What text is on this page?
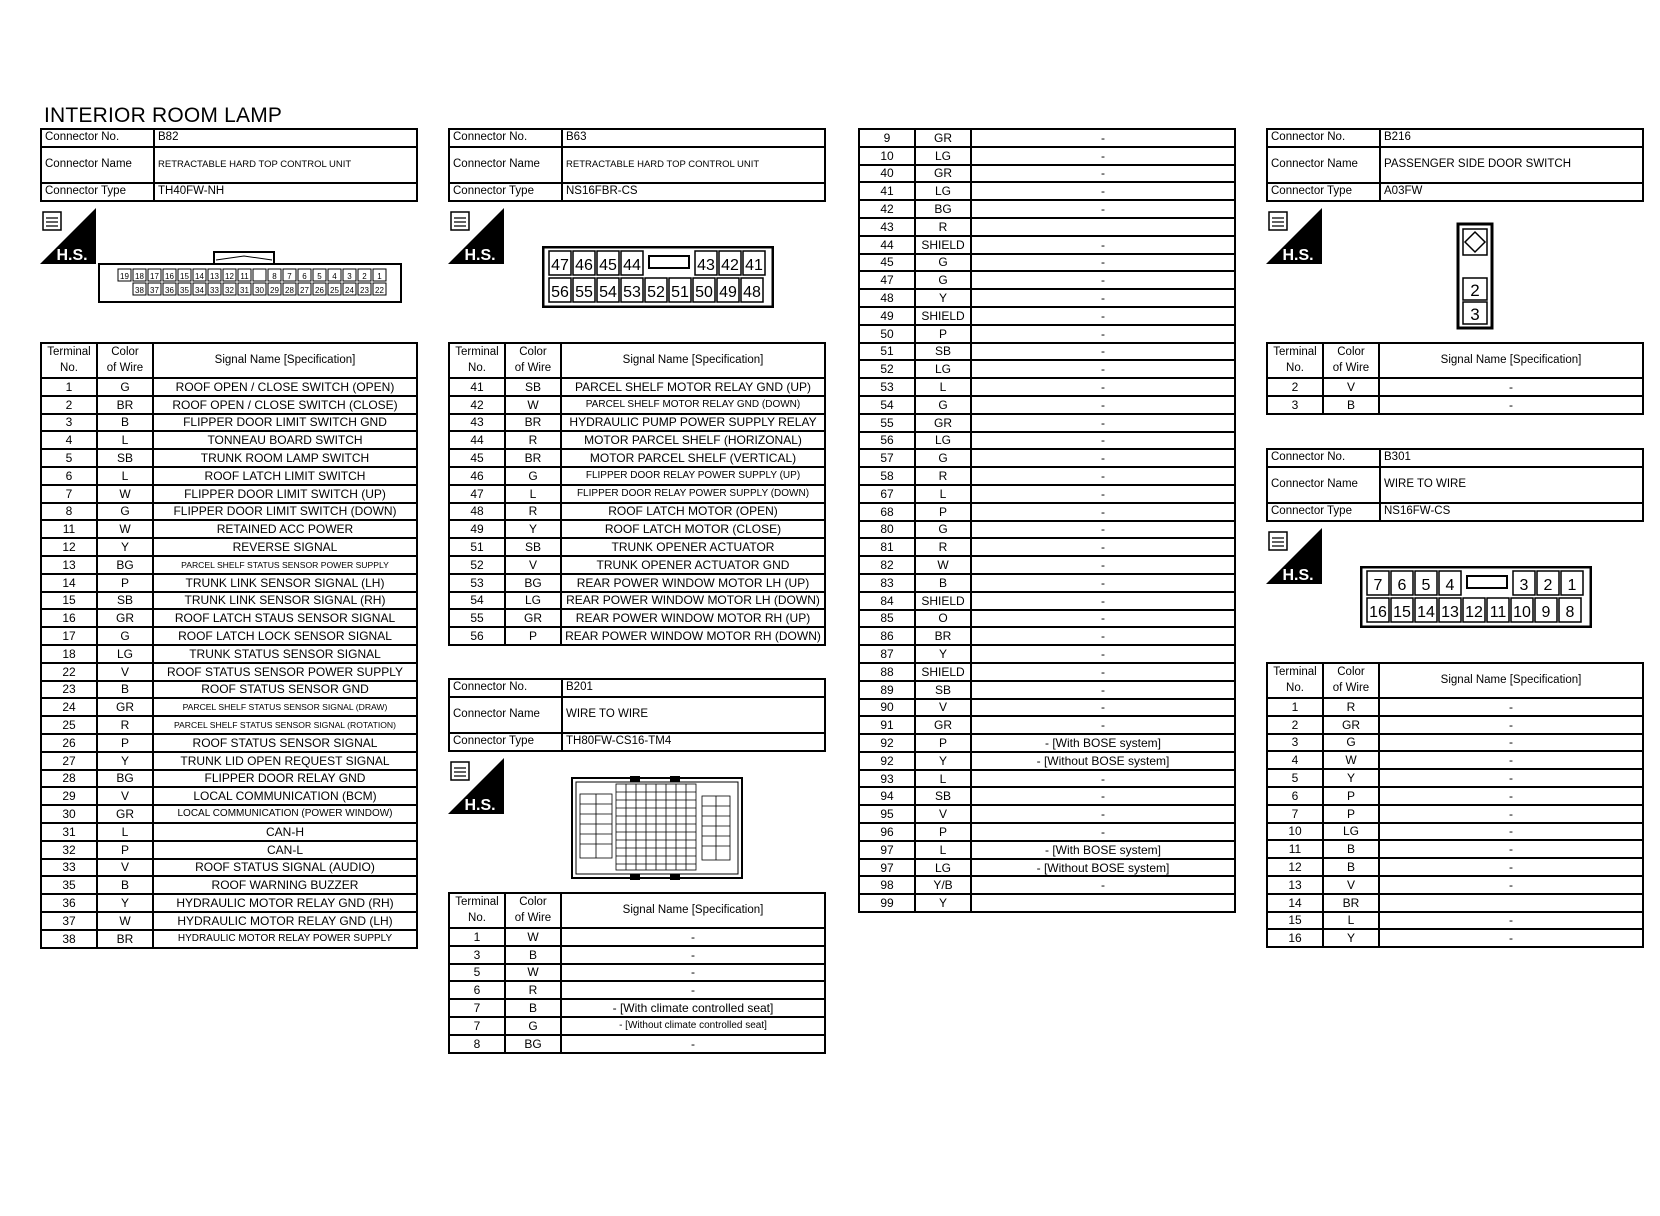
INTERIOR ROOM LAMP
Connector No.	B82
Connector Name	RETRACTABLE HARD TOP CONTROL UNIT
Connector Type	TH40FW-NH
H.S.
19 18 17 16 15 14 13 12 11	8 7 6 5 4 3 2 1
38 37 36 35 34 33 32 31 30 29 28 27 26 25 24 23 22
Terminal
No.	Color
of Wire	Signal Name [Specification]
1	G	ROOF OPEN / CLOSE SWITCH (OPEN)
2	BR	ROOF OPEN / CLOSE SWITCH (CLOSE)
3	B	FLIPPER DOOR LIMIT SWITCH GND
4	L	TONNEAU BOARD SWITCH
5	SB	TRUNK ROOM LAMP SWITCH
6	L	ROOF LATCH LIMIT SWITCH
7	W	FLIPPER DOOR LIMIT SWITCH (UP)
8	G	FLIPPER DOOR LIMIT SWITCH (DOWN)
11	W	RETAINED ACC POWER
12	Y	REVERSE SIGNAL
13	BG	PARCEL SHELF STATUS SENSOR POWER SUPPLY
14	P	TRUNK LINK SENSOR SIGNAL (LH)
15	SB	TRUNK LINK SENSOR SIGNAL (RH)
16	GR	ROOF LATCH STAUS SENSOR SIGNAL
17	G	ROOF LATCH LOCK SENSOR SIGNAL
18	LG	TRUNK STATUS SENSOR SIGNAL
22	V	ROOF STATUS SENSOR POWER SUPPLY
23	B	ROOF STATUS SENSOR GND
24	GR	PARCEL SHELF STATUS SENSOR SIGNAL (DRAW)
25	R	PARCEL SHELF STATUS SENSOR SIGNAL (ROTATION)
26	P	ROOF STATUS SENSOR SIGNAL
27	Y	TRUNK LID OPEN REQUEST SIGNAL
28	BG	FLIPPER DOOR RELAY GND
29	V	LOCAL COMMUNICATION (BCM)
30	GR	LOCAL COMMUNICATION (POWER WINDOW)
31	L	CAN-H
32	P	CAN-L
33	V	ROOF STATUS SIGNAL (AUDIO)
35	B	ROOF WARNING BUZZER
36	Y	HYDRAULIC MOTOR RELAY GND (RH)
37	W	HYDRAULIC MOTOR RELAY GND (LH)
38	BR	HYDRAULIC MOTOR RELAY POWER SUPPLY
Connector No.	B63
Connector Name	RETRACTABLE HARD TOP CONTROL UNIT
Connector Type	NS16FBR-CS
H.S.
47 46 45 44	43 42 41
56 55 54 53 52 51 50 49 48
Terminal
No.	Color
of Wire	Signal Name [Specification]
41	SB	PARCEL SHELF MOTOR RELAY GND (UP)
42	W	PARCEL SHELF MOTOR RELAY GND (DOWN)
43	BR	HYDRAULIC PUMP POWER SUPPLY RELAY
44	R	MOTOR PARCEL SHELF (HORIZONAL)
45	BR	MOTOR PARCEL SHELF (VERTICAL)
46	G	FLIPPER DOOR RELAY POWER SUPPLY (UP)
47	L	FLIPPER DOOR RELAY POWER SUPPLY (DOWN)
48	R	ROOF LATCH MOTOR (OPEN)
49	Y	ROOF LATCH MOTOR (CLOSE)
51	SB	TRUNK OPENER ACTUATOR
52	V	TRUNK OPENER ACTUATOR GND
53	BG	REAR POWER WINDOW MOTOR LH (UP)
54	LG	REAR POWER WINDOW MOTOR LH (DOWN)
55	GR	REAR POWER WINDOW MOTOR RH (UP)
56	P	REAR POWER WINDOW MOTOR RH (DOWN)
Connector No.	B201
Connector Name	WIRE TO WIRE
Connector Type	TH80FW-CS16-TM4
H.S.
Terminal
No.	Color
of Wire	Signal Name [Specification]
1	W	-
3	B	-
5	W	-
6	R	-
7	B	- [With climate controlled seat]
7	G	- [Without climate controlled seat]
8	BG	-
9	GR	-
10	LG	-
40	GR	-
41	LG	-
42	BG	-
43	R	
44	SHIELD	-
45	G	-
47	G	-
48	Y	-
49	SHIELD	-
50	P	-
51	SB	-
52	LG	-
53	L	-
54	G	-
55	GR	-
56	LG	-
57	G	-
58	R	-
67	L	-
68	P	-
80	G	-
81	R	-
82	W	-
83	B	-
84	SHIELD	-
85	O	-
86	BR	-
87	Y	-
88	SHIELD	-
89	SB	-
90	V	-
91	GR	-
92	P	- [With BOSE system]
92	Y	- [Without BOSE system]
93	L	-
94	SB	-
95	V	-
96	P	-
97	L	- [With BOSE system]
97	LG	- [Without BOSE system]
98	Y/B	-
99	Y	
Connector No.	B216
Connector Name	PASSENGER SIDE DOOR SWITCH
Connector Type	A03FW
H.S.
2
3
Terminal
No.	Color
of Wire	Signal Name [Specification]
2	V	-
3	B	-
Connector No.	B301
Connector Name	WIRE TO WIRE
Connector Type	NS16FW-CS
H.S.
7 6 5 4	3 2 1
16 15 14 13 12 11 10 9 8
Terminal
No.	Color
of Wire	Signal Name [Specification]
1	R	-
2	GR	-
3	G	-
4	W	-
5	Y	-
6	P	-
7	P	-
10	LG	-
11	B	-
12	B	-
13	V	-
14	BR	
15	L	-
16	Y	-
